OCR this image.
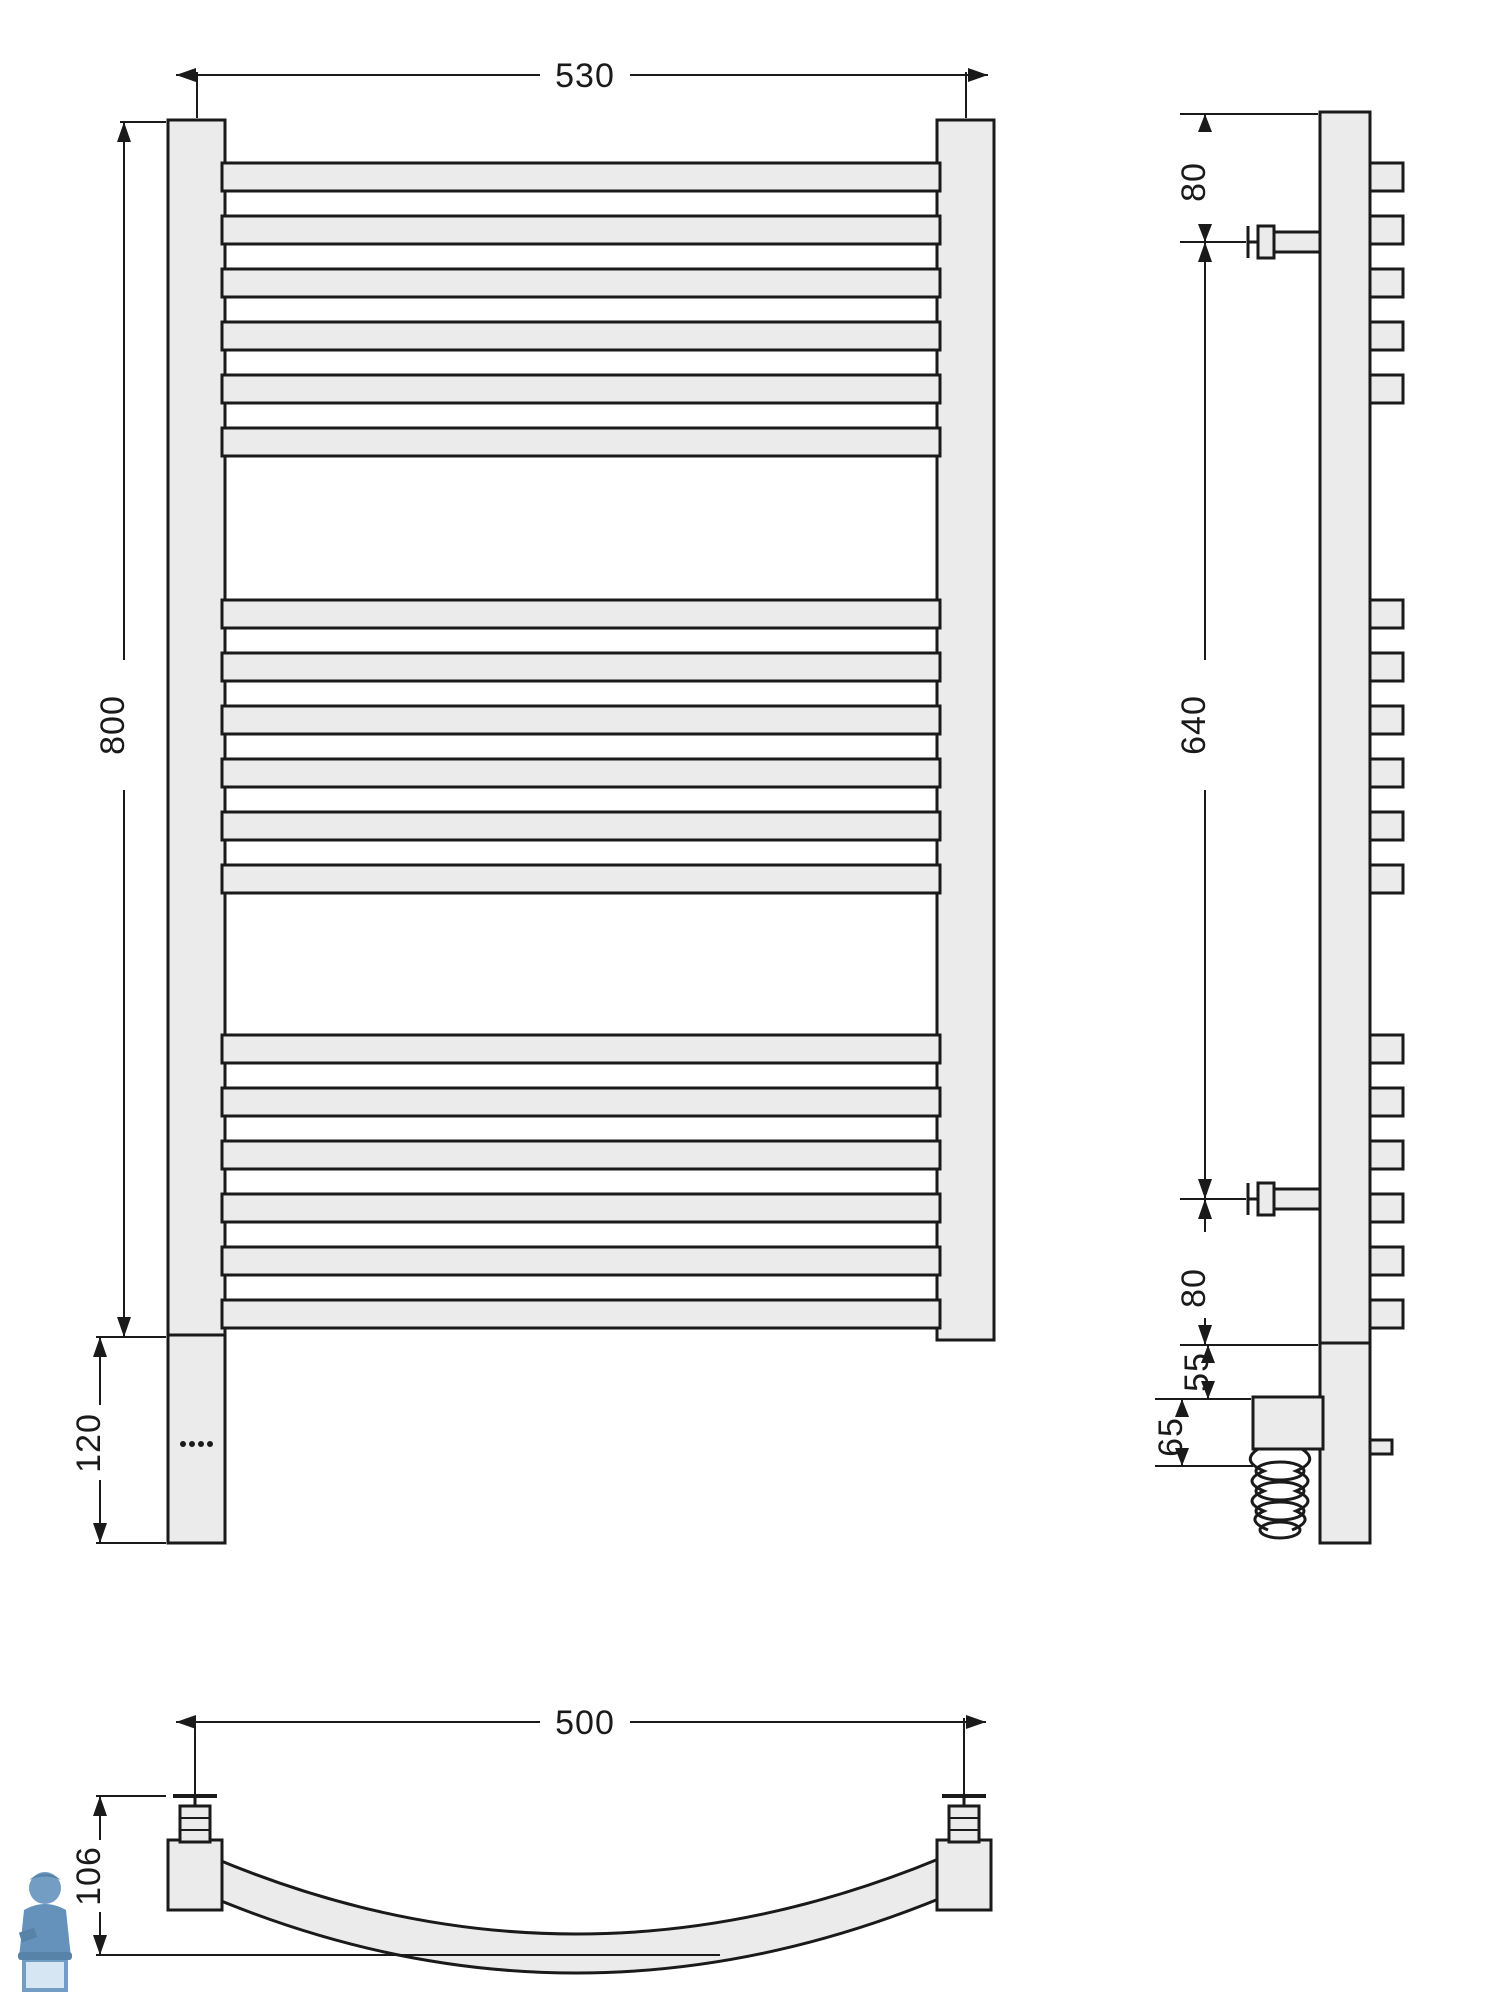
530
800
120
80
640
80
55
65
500
106
